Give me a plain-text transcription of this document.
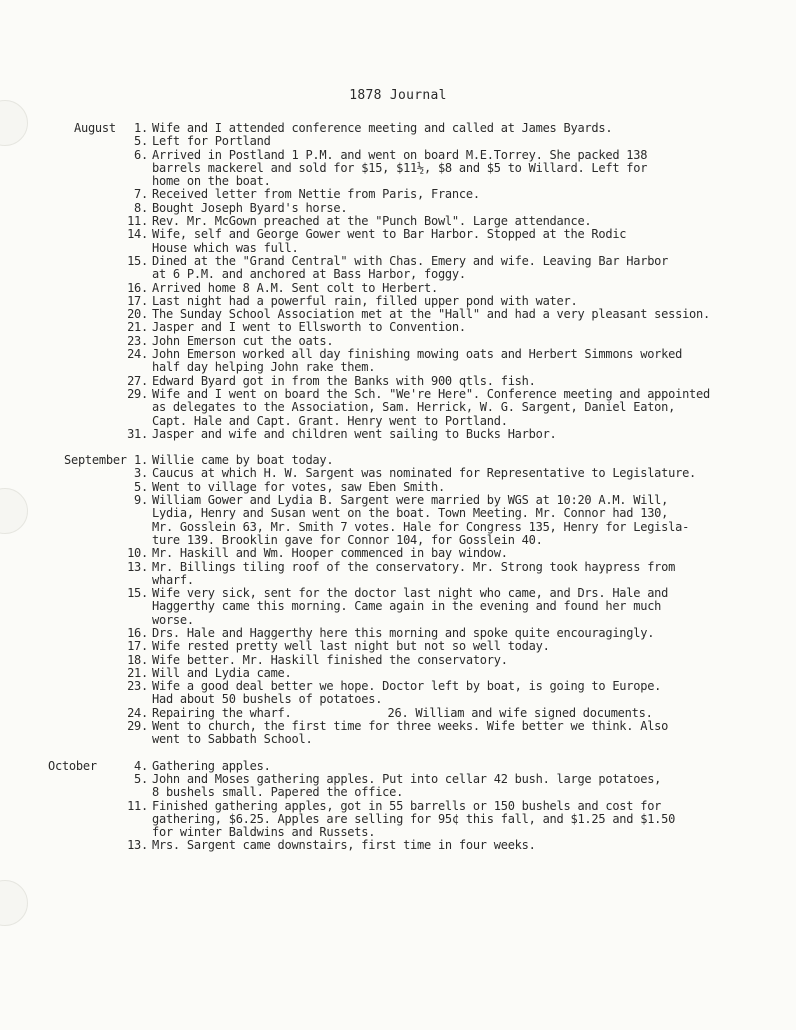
1878 Journal
August 1. Wife and I attended conference meeting and called at James Byards.
5. Left for Portland
6. Arrived in Postland 1 P.M. and went on board M.E.Torrey. She packed 138
barrels mackerel and sold for $15, $11½, $8 and $5 to Willard. Left for
home on the boat.
7. Received letter from Nettie from Paris, France.
8. Bought Joseph Byard's horse.
11. Rev. Mr. McGown preached at the "Punch Bowl". Large attendance.
14. Wife, self and George Gower went to Bar Harbor. Stopped at the Rodic
House which was full.
15. Dined at the "Grand Central" with Chas. Emery and wife. Leaving Bar Harbor
at 6 P.M. and anchored at Bass Harbor, foggy.
16. Arrived home 8 A.M. Sent colt to Herbert.
17. Last night had a powerful rain, filled upper pond with water.
20. The Sunday School Association met at the "Hall" and had a very pleasant session.
21. Jasper and I went to Ellsworth to Convention.
23. John Emerson cut the oats.
24. John Emerson worked all day finishing mowing oats and Herbert Simmons worked
half day helping John rake them.
27. Edward Byard got in from the Banks with 900 qtls. fish.
29. Wife and I went on board the Sch. "We're Here". Conference meeting and appointed
as delegates to the Association, Sam. Herrick, W. G. Sargent, Daniel Eaton,
Capt. Hale and Capt. Grant. Henry went to Portland.
31. Jasper and wife and children went sailing to Bucks Harbor.
September 1. Willie came by boat today.
3. Caucus at which H. W. Sargent was nominated for Representative to Legislature.
5. Went to village for votes, saw Eben Smith.
9. William Gower and Lydia B. Sargent were married by WGS at 10:20 A.M. Will,
Lydia, Henry and Susan went on the boat. Town Meeting. Mr. Connor had 130,
Mr. Gosslein 63, Mr. Smith 7 votes. Hale for Congress 135, Henry for Legisla-
ture 139. Brooklin gave for Connor 104, for Gosslein 40.
10. Mr. Haskill and Wm. Hooper commenced in bay window.
13. Mr. Billings tiling roof of the conservatory. Mr. Strong took haypress from
wharf.
15. Wife very sick, sent for the doctor last night who came, and Drs. Hale and
Haggerthy came this morning. Came again in the evening and found her much
worse.
16. Drs. Hale and Haggerthy here this morning and spoke quite encouragingly.
17. Wife rested pretty well last night but not so well today.
18. Wife better. Mr. Haskill finished the conservatory.
21. Will and Lydia came.
23. Wife a good deal better we hope. Doctor left by boat, is going to Europe.
Had about 50 bushels of potatoes.
24. Repairing the wharf.	26. William and wife signed documents.
29. Went to church, the first time for three weeks. Wife better we think. Also
went to Sabbath School.
October	4. Gathering apples.
5. John and Moses gathering apples. Put into cellar 42 bush. large potatoes,
8 bushels small. Papered the office.
11. Finished gathering apples, got in 55 barrells or 150 bushels and cost for
gathering, $6.25. Apples are selling for 95¢ this fall, and $1.25 and $1.50
for winter Baldwins and Russets.
13. Mrs. Sargent came downstairs, first time in four weeks.
